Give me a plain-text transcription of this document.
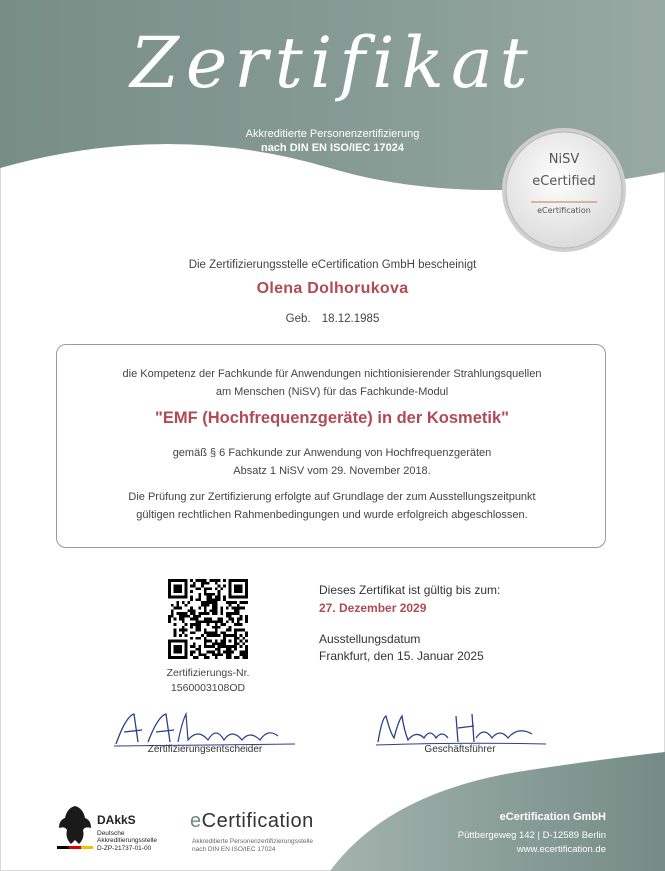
Zertifikat
Akkreditierte Personenzertifizierung
nach DIN EN ISO/IEC 17024
NiSV
eCertified
eCertification
Die Zertifizierungsstelle eCertification GmbH bescheinigt
Olena Dolhorukova
Geb. 18.12.1985
die Kompetenz der Fachkunde für Anwendungen nichtionisierender Strahlungsquellen
am Menschen (NiSV) für das Fachkunde-Modul
"EMF (Hochfrequenzgeräte) in der Kosmetik"
gemäß § 6 Fachkunde zur Anwendung von Hochfrequenzgeräten
Absatz 1 NiSV vom 29. November 2018.
Die Prüfung zur Zertifizierung erfolgte auf Grundlage der zum Ausstellungszeitpunkt
gültigen rechtlichen Rahmenbedingungen und wurde erfolgreich abgeschlossen.
Zertifizierungs-Nr.
1560003108OD
Dieses Zertifikat ist gültig bis zum:
27. Dezember 2029
Ausstellungsdatum
Frankfurt, den 15. Januar 2025
Zertifizierungsentscheider	Geschäftsführer
eCertification GmbH
Püttbergeweg 142 | D-12589 Berlin
www.ecertification.de
DAkkS
Deutsche
Akkreditierungsstelle
D-ZP-21737-01-00
eCertification
Akkreditierte Personenzertifizierungsstelle
nach DIN EN ISO/IEC 17024
